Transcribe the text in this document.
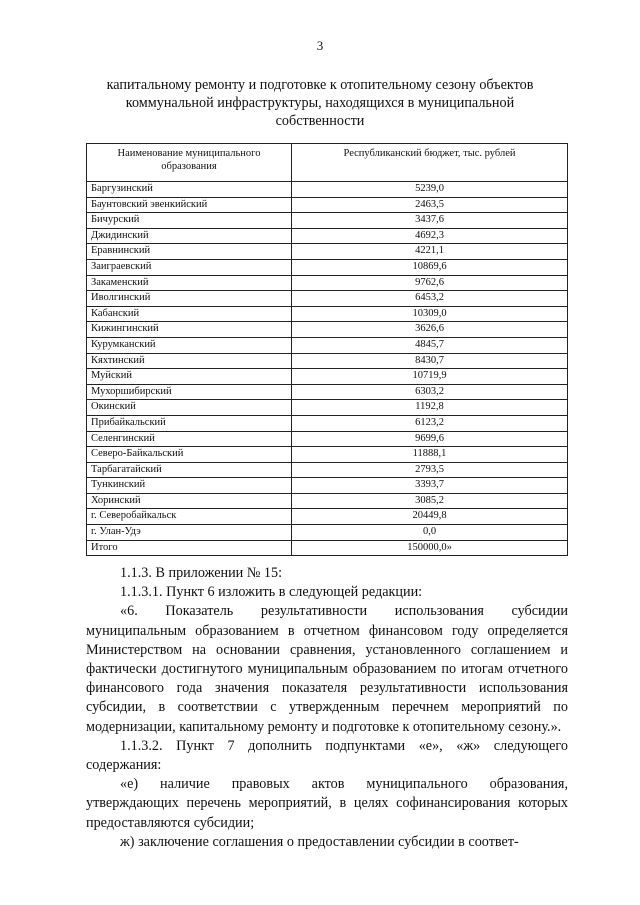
3
капитальному ремонту и подготовке к отопительному сезону объектов
коммунальной инфраструктуры, находящихся в муниципальной
собственности
Наименование муниципального образования	Республиканский бюджет, тыс. рублей
Баргузинский	5239,0
Баунтовский эвенкийский	2463,5
Бичурский	3437,6
Джидинский	4692,3
Еравнинский	4221,1
Заиграевский	10869,6
Закаменский	9762,6
Иволгинский	6453,2
Кабанский	10309,0
Кижингинский	3626,6
Курумканский	4845,7
Кяхтинский	8430,7
Муйский	10719,9
Мухоршибирский	6303,2
Окинский	1192,8
Прибайкальский	6123,2
Селенгинский	9699,6
Северо-Байкальский	11888,1
Тарбагатайский	2793,5
Тункинский	3393,7
Хоринский	3085,2
г. Северобайкальск	20449,8
г. Улан-Удэ	0,0
Итого	150000,0»

1.1.3. В приложении № 15:

1.1.3.1. Пункт 6 изложить в следующей редакции:

«6. Показатель результативности использования субсидии муниципальным образованием в отчетном финансовом году определяется Министерством на основании сравнения, установленного соглашением и фактически достигнутого муниципальным образованием по итогам отчетного финансового года значения показателя результативности использования субсидии, в соответствии с утвержденным перечнем мероприятий по модернизации, капитальному ремонту и подготовке к отопительному сезону.».

1.1.3.2. Пункт 7 дополнить подпунктами «е», «ж» следующего содержания:

«е) наличие правовых актов муниципального образования, утверждающих перечень мероприятий, в целях софинансирования которых предоставляются субсидии;

ж) заключение соглашения о предоставлении субсидии в соответ-
